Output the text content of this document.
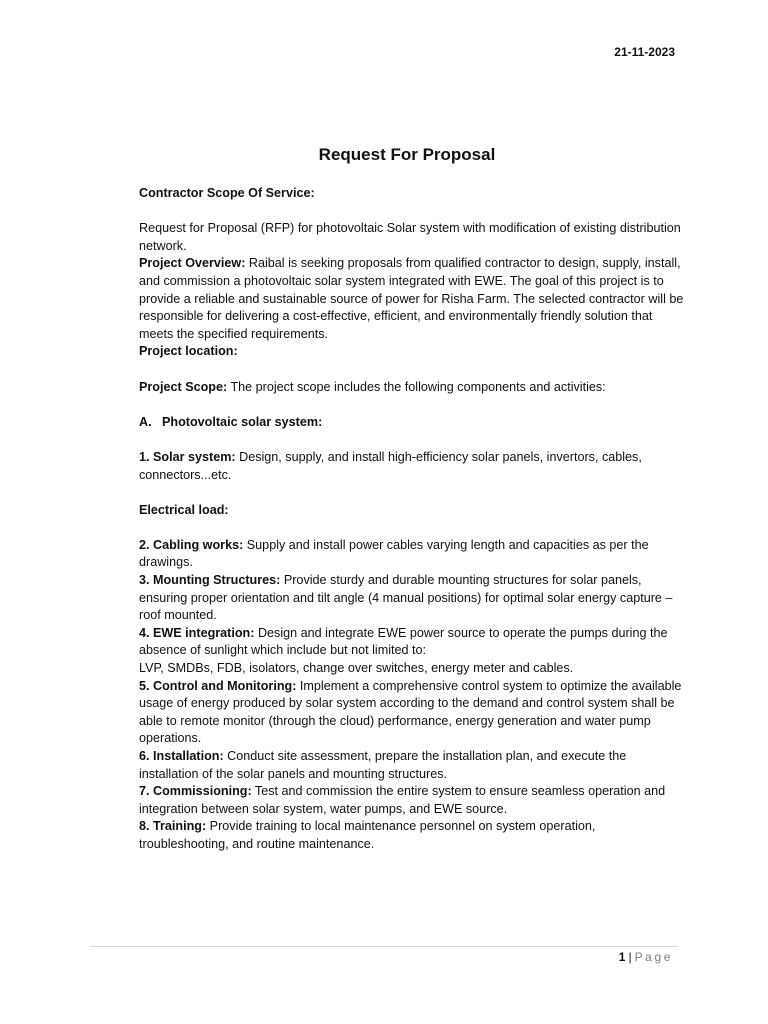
21-11-2023
Request For Proposal

Contractor Scope Of Service:

Request for Proposal (RFP) for photovoltaic Solar system with modification of existing distribution network.

Project Overview: Raibal is seeking proposals from qualified contractor to design, supply, install, and commission a photovoltaic solar system integrated with EWE. The goal of this project is to provide a reliable and sustainable source of power for Risha Farm. The selected contractor will be responsible for delivering a cost-effective, efficient, and environmentally friendly solution that meets the specified requirements.

Project location:

Project Scope: The project scope includes the following components and activities:

A. Photovoltaic solar system:

1. Solar system: Design, supply, and install high-efficiency solar panels, invertors, cables, connectors...etc.

Electrical load:

2. Cabling works: Supply and install power cables varying length and capacities as per the drawings.

3. Mounting Structures: Provide sturdy and durable mounting structures for solar panels, ensuring proper orientation and tilt angle (4 manual positions) for optimal solar energy capture – roof mounted.

4. EWE integration: Design and integrate EWE power source to operate the pumps during the absence of sunlight which include but not limited to:

LVP, SMDBs, FDB, isolators, change over switches, energy meter and cables.

5. Control and Monitoring: Implement a comprehensive control system to optimize the available usage of energy produced by solar system according to the demand and control system shall be able to remote monitor (through the cloud) performance, energy generation and water pump operations.

6. Installation: Conduct site assessment, prepare the installation plan, and execute the installation of the solar panels and mounting structures.

7. Commissioning: Test and commission the entire system to ensure seamless operation and integration between solar system, water pumps, and EWE source.

8. Training: Provide training to local maintenance personnel on system operation, troubleshooting, and routine maintenance.

1 | Page
